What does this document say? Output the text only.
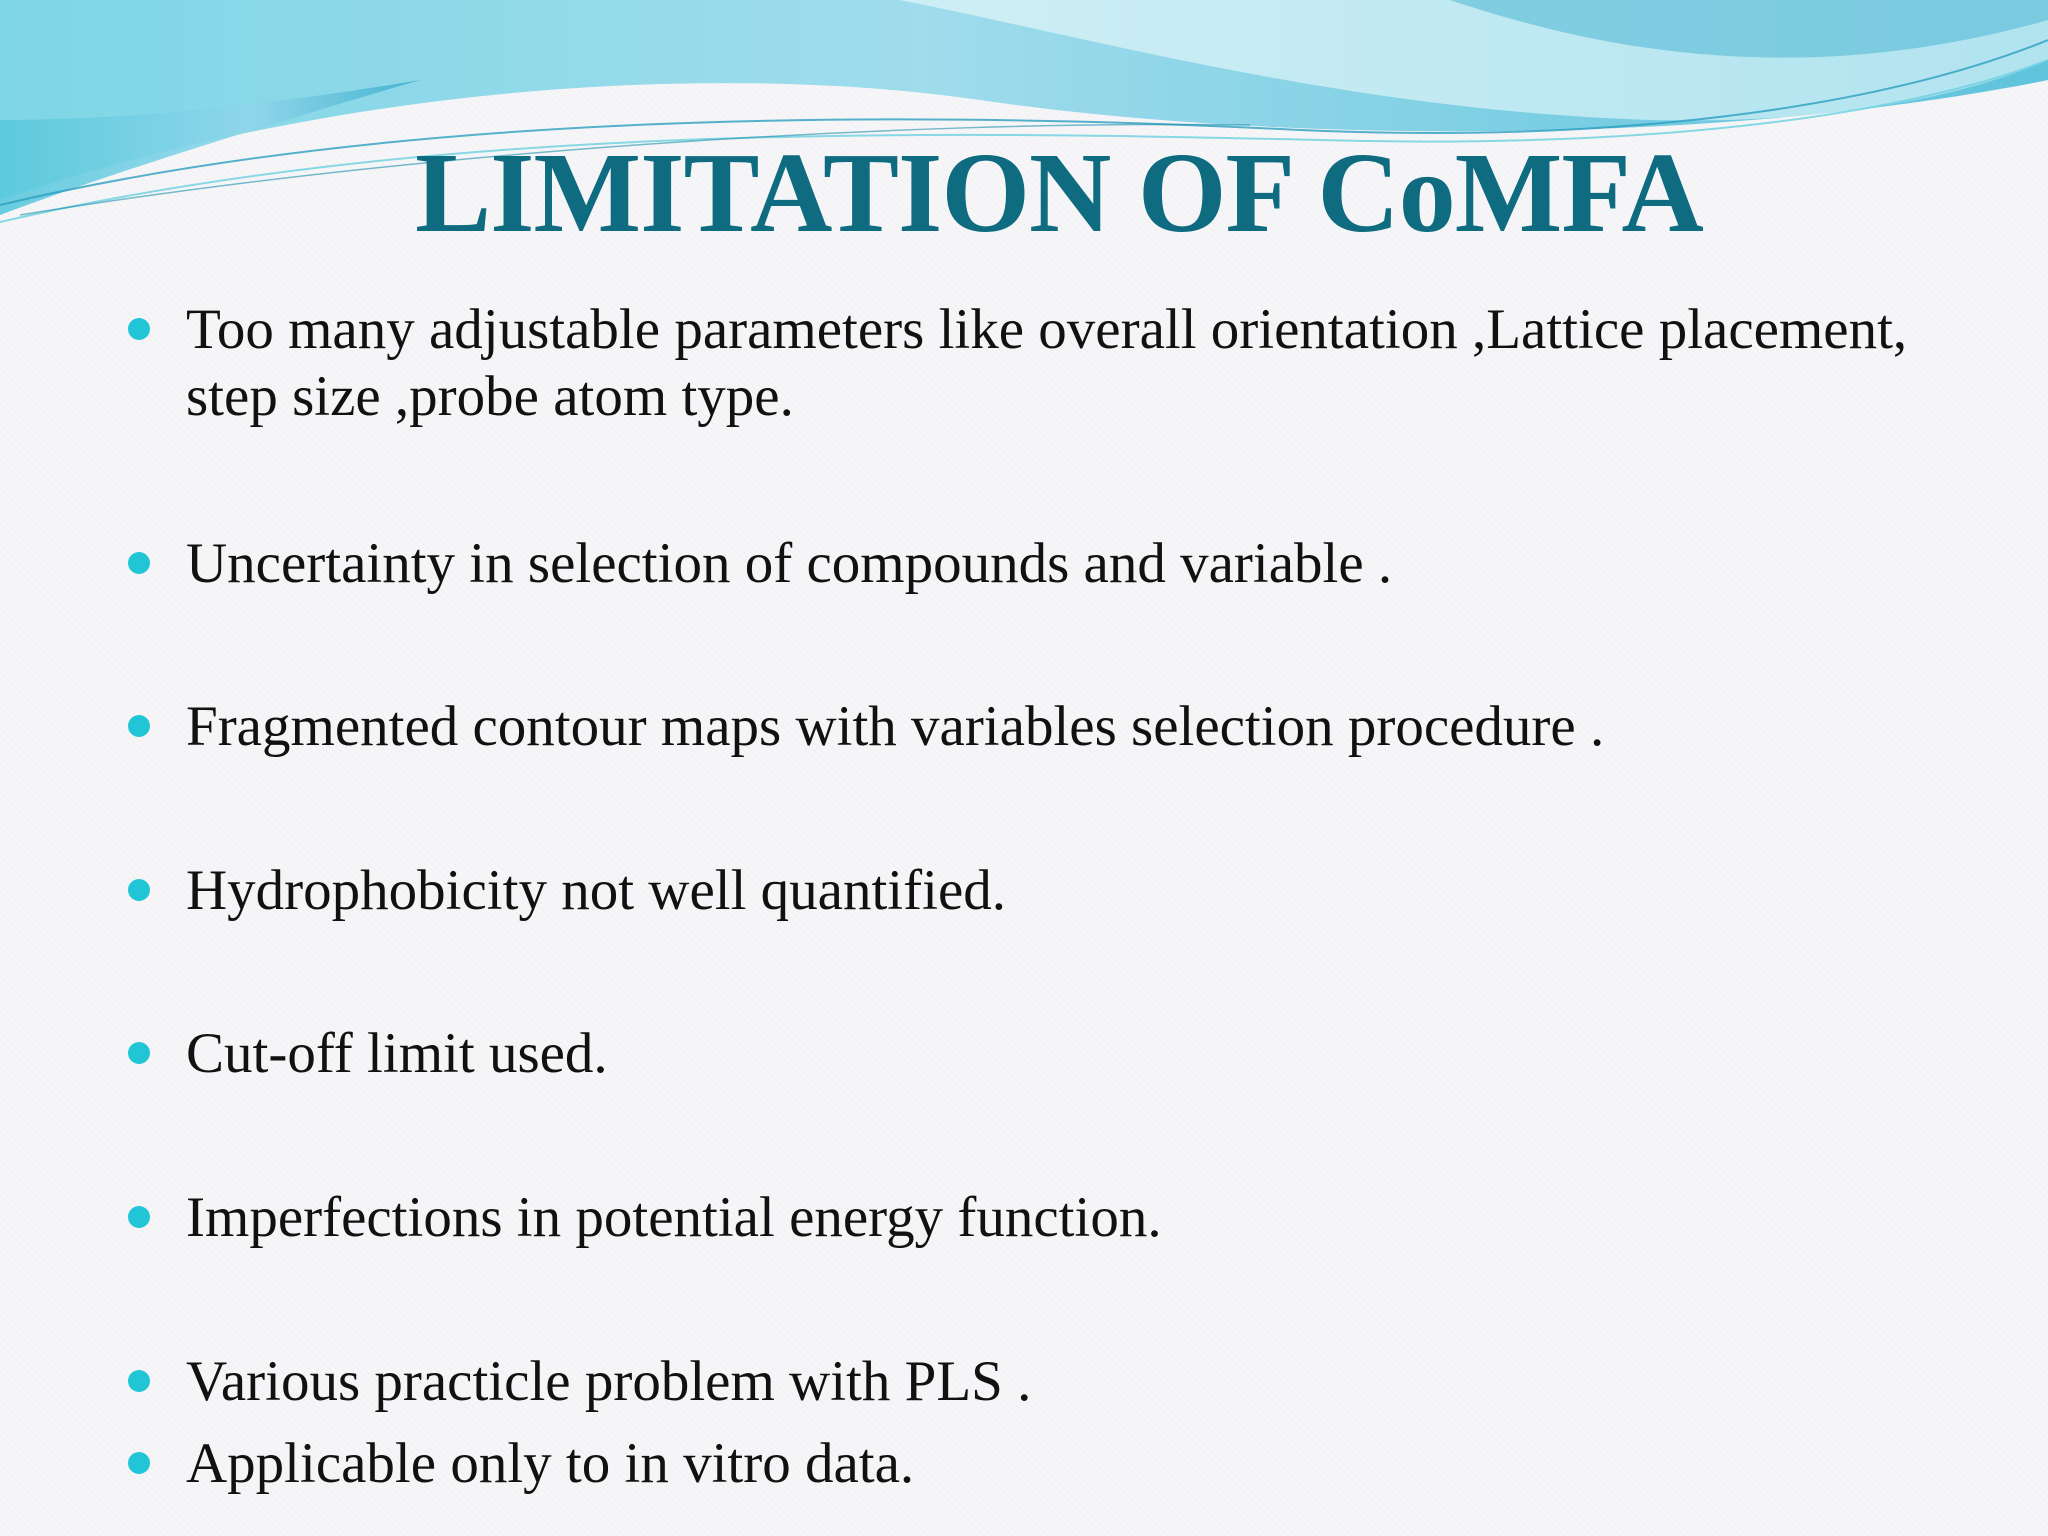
LIMITATION OF CoMFA
Too many adjustable parameters like overall orientation ,Lattice placement, step size ,probe atom type.
Uncertainty in selection of compounds and variable .
Fragmented contour maps with variables selection procedure .
Hydrophobicity not well quantified.
Cut-off limit used.
Imperfections in potential energy function.
Various practicle problem with PLS .
Applicable only to in vitro data.
